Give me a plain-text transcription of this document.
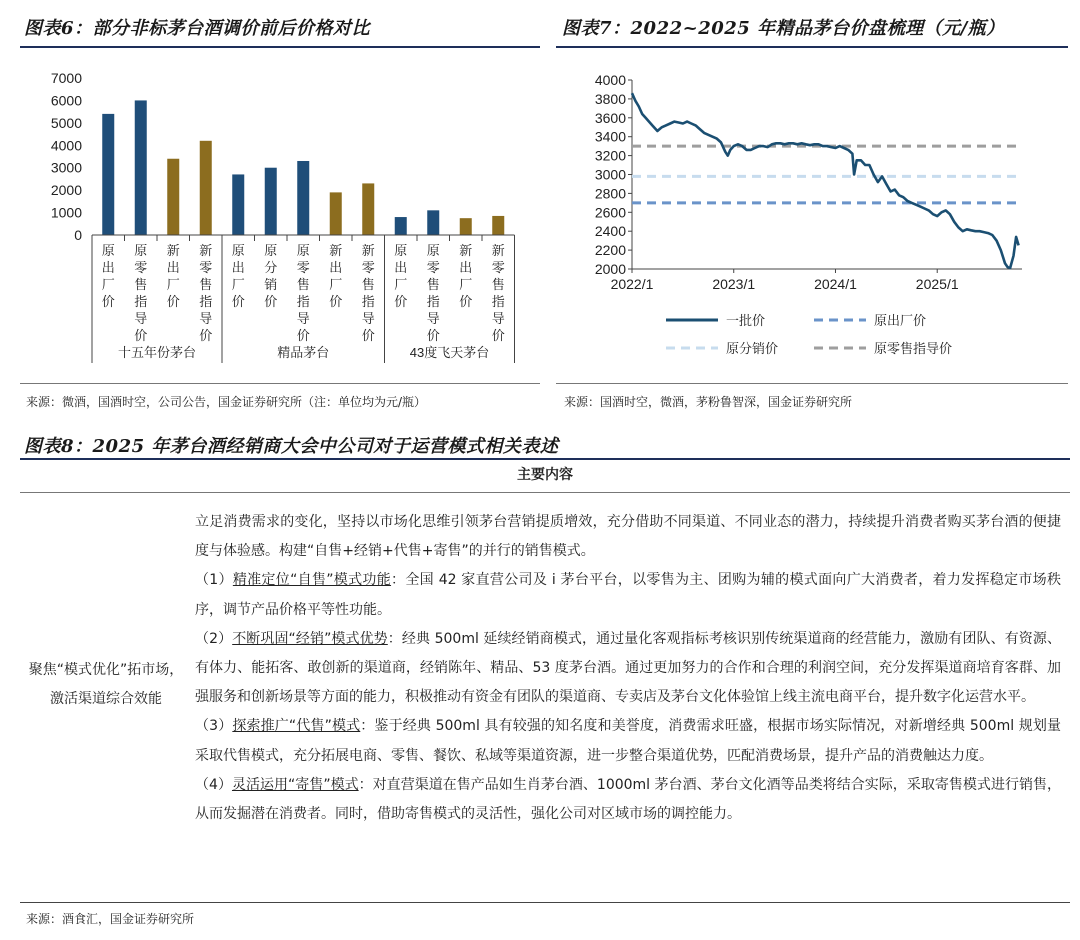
图表6：部分非标茅台酒调价前后价格对比
0
1000
2000
3000
4000
5000
6000
7000
原出厂价
原零售指导价
新出厂价
新零售指导价
原出厂价
原分销价
原零售指导价
新出厂价
新零售指导价
原出厂价
原零售指导价
新出厂价
新零售指导价
十五年份茅台	精品茅台	43度飞天茅台
来源：微酒，国酒时空，公司公告，国金证券研究所（注：单位均为元/瓶）
图表7：2022~2025 年精品茅台价盘梳理（元/瓶）
2000
2200
2400
2600
2800
3000
3200
3400
3600
3800
4000
2022/1	2023/1	2024/1	2025/1
一批价	原出厂价
原分销价	原零售指导价
来源：国酒时空，微酒，茅粉鲁智深，国金证券研究所
图表8：2025 年茅台酒经销商大会中公司对于运营模式相关表述
主要内容
聚焦“模式优化”拓市场，激活渠道综合效能

立足消费需求的变化，坚持以市场化思维引领茅台营销提质增效，充分借助不同渠道、不同业态的潜力，持续提升消费者购买茅台酒的便捷度与体验感。构建“自售+经销+代售+寄售”的并行的销售模式。

（1）精准定位“自售”模式功能：全国 42 家直营公司及 i 茅台平台，以零售为主、团购为辅的模式面向广大消费者，着力发挥稳定市场秩序，调节产品价格平等性功能。

（2）不断巩固“经销”模式优势：经典 500ml 延续经销商模式，通过量化客观指标考核识别传统渠道商的经营能力，激励有团队、有资源、有体力、能拓客、敢创新的渠道商，经销陈年、精品、53 度茅台酒。通过更加努力的合作和合理的利润空间，充分发挥渠道商培育客群、加强服务和创新场景等方面的能力，积极推动有资金有团队的渠道商、专卖店及茅台文化体验馆上线主流电商平台，提升数字化运营水平。

（3）探索推广“代售”模式：鉴于经典 500ml 具有较强的知名度和美誉度，消费需求旺盛，根据市场实际情况，对新增经典 500ml 规划量采取代售模式，充分拓展电商、零售、餐饮、私域等渠道资源，进一步整合渠道优势，匹配消费场景，提升产品的消费触达力度。

（4）灵活运用“寄售”模式：对直营渠道在售产品如生肖茅台酒、1000ml 茅台酒、茅台文化酒等品类将结合实际，采取寄售模式进行销售，从而发掘潜在消费者。同时，借助寄售模式的灵活性，强化公司对区域市场的调控能力。

来源：酒食汇，国金证券研究所
